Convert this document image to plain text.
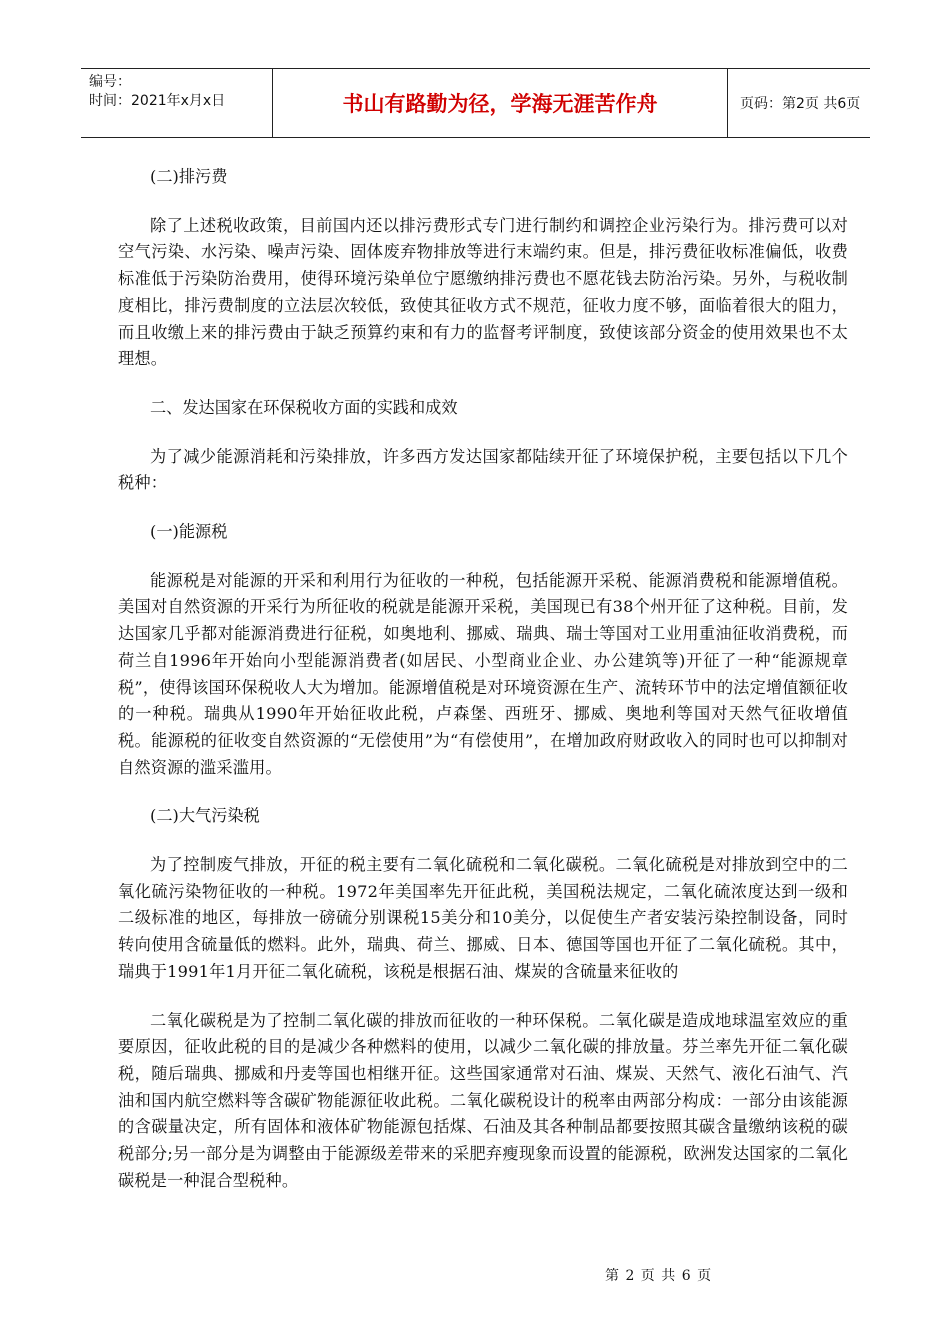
编号：
时间：2021年x月x日	书山有路勤为径，学海无涯苦作舟	页码：第2页 共6页

(二)排污费

除了上述税收政策，目前国内还以排污费形式专门进行制约和调控企业污染行为。排污费可以对空气污染、水污染、噪声污染、固体废弃物排放等进行末端约束。但是，排污费征收标准偏低，收费标准低于污染防治费用，使得环境污染单位宁愿缴纳排污费也不愿花钱去防治污染。另外，与税收制度相比，排污费制度的立法层次较低，致使其征收方式不规范，征收力度不够，面临着很大的阻力，而且收缴上来的排污费由于缺乏预算约束和有力的监督考评制度，致使该部分资金的使用效果也不太理想。

二、发达国家在环保税收方面的实践和成效

为了减少能源消耗和污染排放，许多西方发达国家都陆续开征了环境保护税，主要包括以下几个税种：

(一)能源税

能源税是对能源的开采和利用行为征收的一种税，包括能源开采税、能源消费税和能源增值税。美国对自然资源的开采行为所征收的税就是能源开采税，美国现已有38个州开征了这种税。目前，发达国家几乎都对能源消费进行征税，如奥地利、挪威、瑞典、瑞士等国对工业用重油征收消费税，而荷兰自1996年开始向小型能源消费者(如居民、小型商业企业、办公建筑等)开征了一种“能源规章税”，使得该国环保税收人大为增加。能源增值税是对环境资源在生产、流转环节中的法定增值额征收的一种税。瑞典从1990年开始征收此税，卢森堡、西班牙、挪威、奥地利等国对天然气征收增值税。能源税的征收变自然资源的“无偿使用”为“有偿使用”，在增加政府财政收入的同时也可以抑制对自然资源的滥采滥用。

(二)大气污染税

为了控制废气排放，开征的税主要有二氧化硫税和二氧化碳税。二氧化硫税是对排放到空中的二氧化硫污染物征收的一种税。1972年美国率先开征此税，美国税法规定，二氧化硫浓度达到一级和二级标准的地区，每排放一磅硫分别课税15美分和10美分，以促使生产者安装污染控制设备，同时转向使用含硫量低的燃料。此外，瑞典、荷兰、挪威、日本、德国等国也开征了二氧化硫税。其中，瑞典于1991年1月开征二氧化硫税，该税是根据石油、煤炭的含硫量来征收的

二氧化碳税是为了控制二氧化碳的排放而征收的一种环保税。二氧化碳是造成地球温室效应的重要原因，征收此税的目的是减少各种燃料的使用，以减少二氧化碳的排放量。芬兰率先开征二氧化碳税，随后瑞典、挪威和丹麦等国也相继开征。这些国家通常对石油、煤炭、天然气、液化石油气、汽油和国内航空燃料等含碳矿物能源征收此税。二氧化碳税设计的税率由两部分构成：一部分由该能源的含碳量决定，所有固体和液体矿物能源包括煤、石油及其各种制品都要按照其碳含量缴纳该税的碳税部分;另一部分是为调整由于能源级差带来的采肥弃瘦现象而设置的能源税，欧洲发达国家的二氧化碳税是一种混合型税种。

第 2 页 共 6 页
